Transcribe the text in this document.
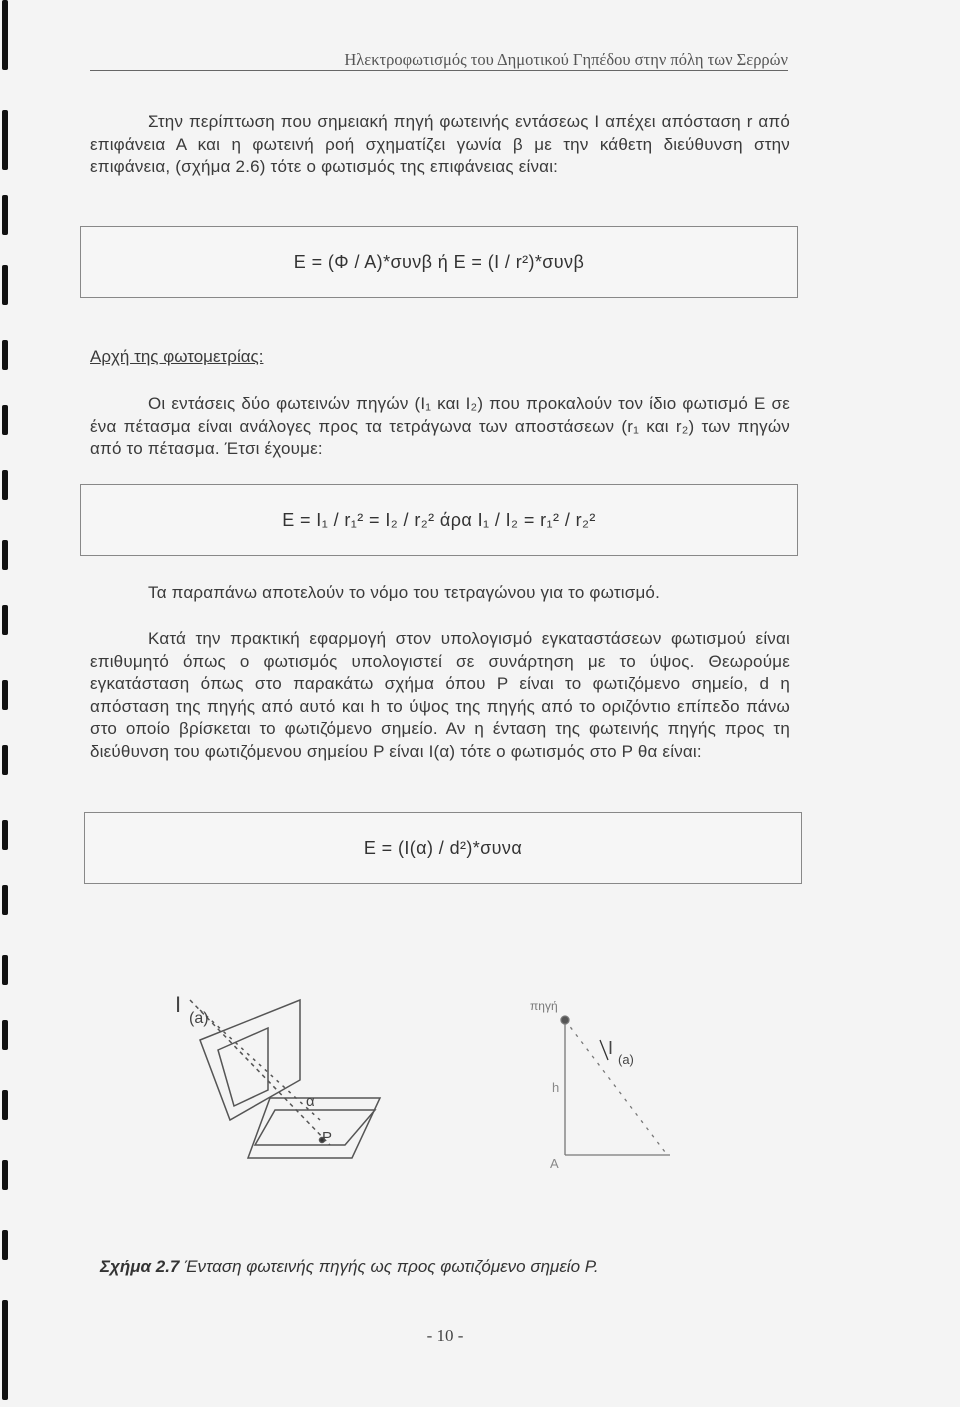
Ηλεκτροφωτισμός του Δημοτικού Γηπέδου στην πόλη των Σερρών
Στην περίπτωση που σημειακή πηγή φωτεινής εντάσεως Ι απέχει απόσταση r από επιφάνεια Α και η φωτεινή ροή σχηματίζει γωνία β με την κάθετη διεύθυνση στην επιφάνεια, (σχήμα 2.6) τότε ο φωτισμός της επιφάνειας είναι:
Ε = (Φ / Α)*συνβ ή Ε = (Ι / r²)*συνβ
Αρχή της φωτομετρίας:
Οι εντάσεις δύο φωτεινών πηγών (Ι₁ και Ι₂) που προκαλούν τον ίδιο φωτισμό Ε σε ένα πέτασμα είναι ανάλογες προς τα τετράγωνα των αποστάσεων (r₁ και r₂) των πηγών από το πέτασμα. Έτσι έχουμε:
Ε = Ι₁ / r₁² = Ι₂ / r₂² άρα Ι₁ / Ι₂ = r₁² / r₂²
Τα παραπάνω αποτελούν το νόμο του τετραγώνου για το φωτισμό.
Κατά την πρακτική εφαρμογή στον υπολογισμό εγκαταστάσεων φωτισμού είναι επιθυμητό όπως ο φωτισμός υπολογιστεί σε συνάρτηση με το ύψος. Θεωρούμε εγκατάσταση όπως στο παρακάτω σχήμα όπου Ρ είναι το φωτιζόμενο σημείο, d η απόσταση της πηγής από αυτό και h το ύψος της πηγής από το οριζόντιο επίπεδο πάνω στο οποίο βρίσκεται το φωτιζόμενο σημείο. Αν η ένταση της φωτεινής πηγής προς τη διεύθυνση του φωτιζόμενου σημείου Ρ είναι Ι(α) τότε ο φωτισμός στο Ρ θα είναι:
Ε = (Ι(α) / d²)*συνα
I
(a)
α
P
πηγή
I
(a)
h
Α
Σχήμα 2.7 Ένταση φωτεινής πηγής ως προς φωτιζόμενο σημείο Ρ.
- 10 -
